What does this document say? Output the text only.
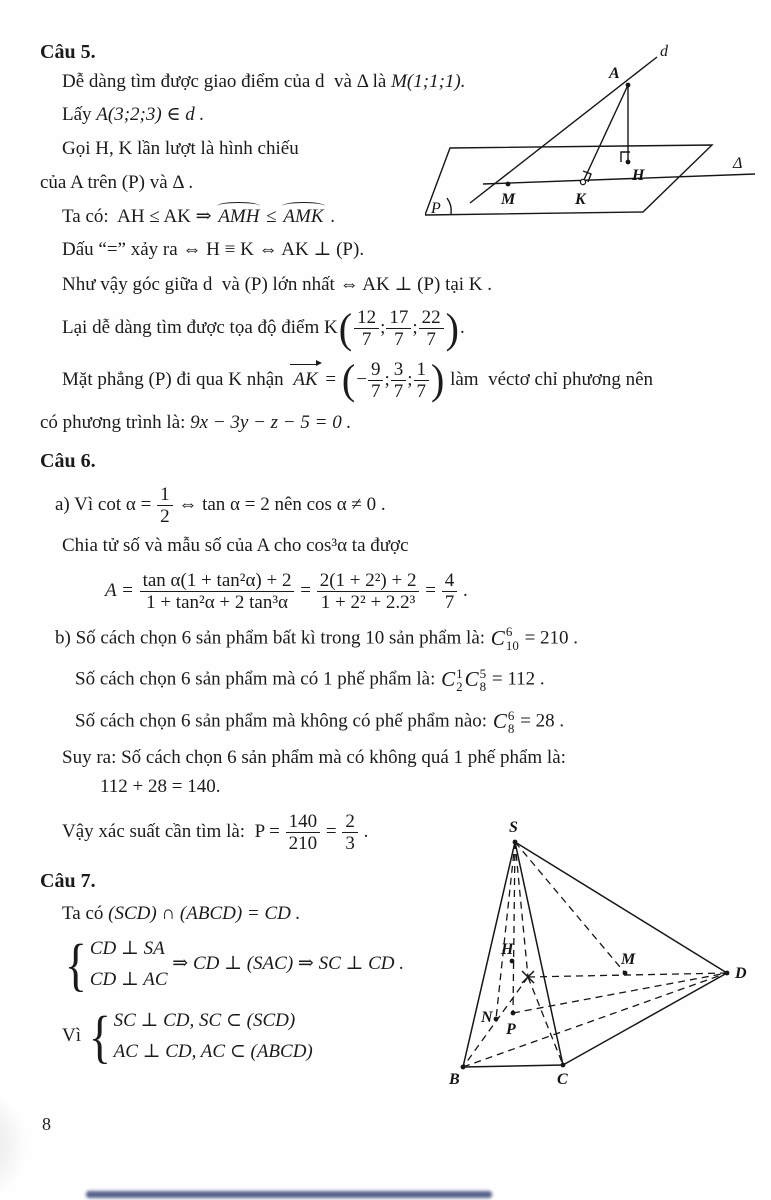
Câu 5.
Dễ dàng tìm được giao điểm của d  và Δ là M(1;1;1).
Lấy A(3;2;3) ∈ d .
Gọi H, K lần lượt là hình chiếu
của A trên (P) và Δ .
Ta có:  AH ≤ AK ⇒ AMH ≤ AMK .
Dấu “=” xảy ra ⇔ H ≡ K ⇔ AK ⊥ (P).
Như vậy góc giữa d  và (P) lớn nhất ⇔ AK ⊥ (P) tại K .
Lại dễ dàng tìm được tọa độ điểm $K( \frac{12}{7}$ ; $\frac{17}{7}$ ; $\frac{22}{7}$ ).
Mặt phẳng (P) đi qua K nhận AK = (− $\frac{9}{7}$ ; $\frac{3}{7}$ ; $\frac{1}{7}$ ) làm  véctơ chỉ phương nên
có phương trình là: 9x − 3y − z − 5 = 0 .
Câu 6.
a) Vì $\cot \alpha = \frac{1}{2}$ ⇔ tan α = 2 nên cos α ≠ 0 .
Chia tử số và mẫu số của A cho cos³α ta được
$A = \frac{\text{tan α(1 + tan²α) + 2}}{\text{1 + tan²α + 2 tan³α}} = \frac{\text{2(1 + 2²) + 2}}{\text{1 + 2² + 2.2³}} = \frac{4}{7}$ .
b) Số cách chọn 6 sản phẩm bất kì trong 10 sản phẩm là: C 6
10 = 210 .
Số cách chọn 6 sản phẩm mà có 1 phế phẩm là: C 1
2 C 5
8 = 112 .
Số cách chọn 6 sản phẩm mà không có phế phẩm nào: C 6
8 = 28 .
Suy ra: Số cách chọn 6 sản phẩm mà có không quá 1 phế phẩm là:
112 + 28 = 140.
Vậy xác suất cần tìm là:  $P = \frac{140}{210} = \frac{2}{3}$ .
Câu 7.
Ta có (SCD) ∩ (ABCD) = CD .
{ CD ⊥ SA
CD ⊥ AC
⇒ CD ⊥ (SAC) ⇒ SC ⊥ CD .
Vì { SC ⊥ CD, SC ⊂ (SCD)
AC ⊥ CD, AC ⊂ (ABCD)
d
A
H
M	K
P
Δ
S
B	C
D
M
H
N
P
8
